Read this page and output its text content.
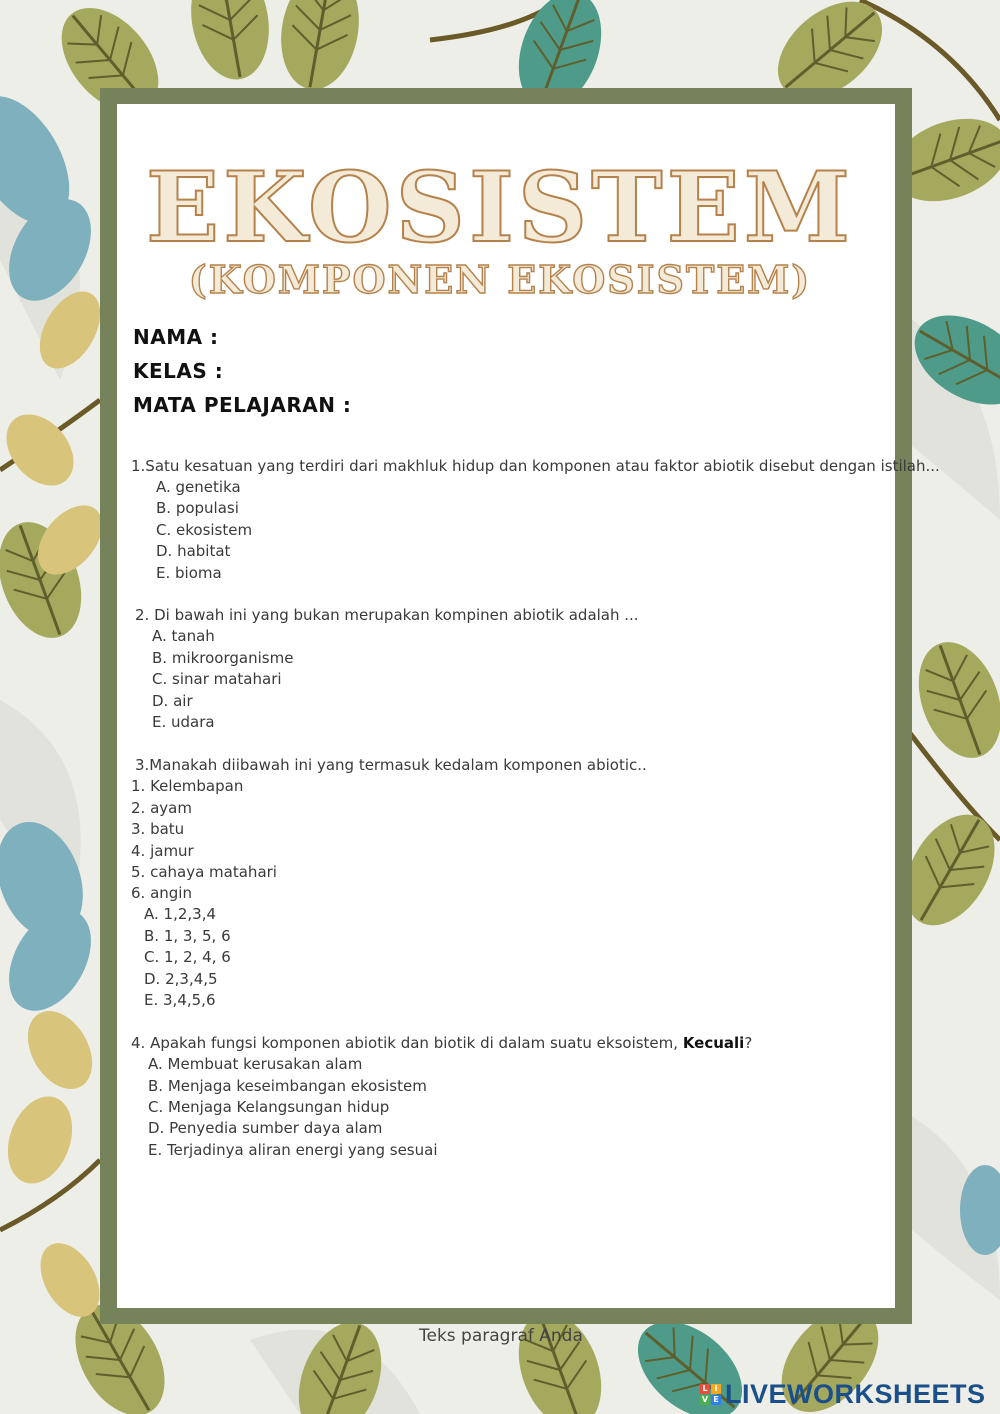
EKOSISTEM
(KOMPONEN EKOSISTEM)
NAMA :
KELAS :
MATA PELAJARAN :
1.Satu kesatuan yang terdiri dari makhluk hidup dan komponen atau faktor abiotik disebut dengan istilah...
A. genetika
B. populasi
C. ekosistem
D. habitat
E. bioma
2. Di bawah ini yang bukan merupakan kompinen abiotik adalah ...
A. tanah
B. mikroorganisme
C. sinar matahari
D. air
E. udara
3.Manakah diibawah ini yang termasuk kedalam komponen abiotic..
1. Kelembapan
2. ayam
3. batu
4. jamur
5. cahaya matahari
6. angin
A. 1,2,3,4
B. 1, 3, 5, 6
C. 1, 2, 4, 6
D. 2,3,4,5
E. 3,4,5,6
4. Apakah fungsi komponen abiotik dan biotik di dalam suatu eksoistem, Kecuali?
A. Membuat kerusakan alam
B. Menjaga keseimbangan ekosistem
C. Menjaga Kelangsungan hidup
D. Penyedia sumber daya alam
E. Terjadinya aliran energi yang sesuai
Teks paragraf Anda
L I
V E LIVEWORKSHEETS
